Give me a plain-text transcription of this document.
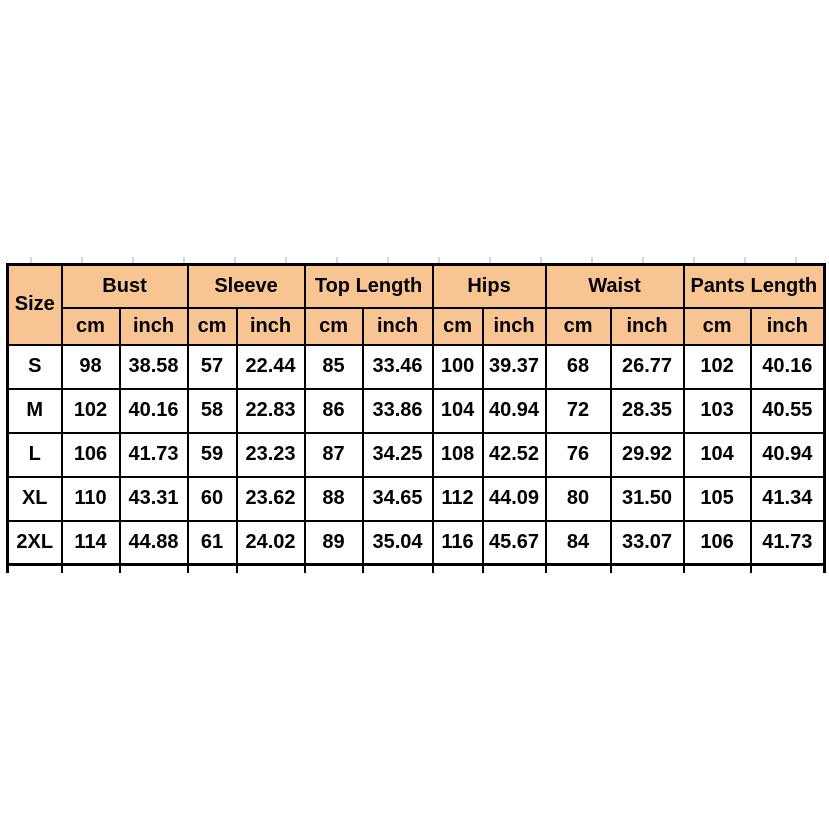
Size	Bust		Sleeve		Top Length		Hips		Waist		Pants Length	
	cm	inch	cm	inch	cm	inch	cm	inch	cm	inch	cm	inch
S	98	38.58	57	22.44	85	33.46	100	39.37	68	26.77	102	40.16
M	102	40.16	58	22.83	86	33.86	104	40.94	72	28.35	103	40.55
L	106	41.73	59	23.23	87	34.25	108	42.52	76	29.92	104	40.94
XL	110	43.31	60	23.62	88	34.65	112	44.09	80	31.50	105	41.34
2XL	114	44.88	61	24.02	89	35.04	116	45.67	84	33.07	106	41.73
